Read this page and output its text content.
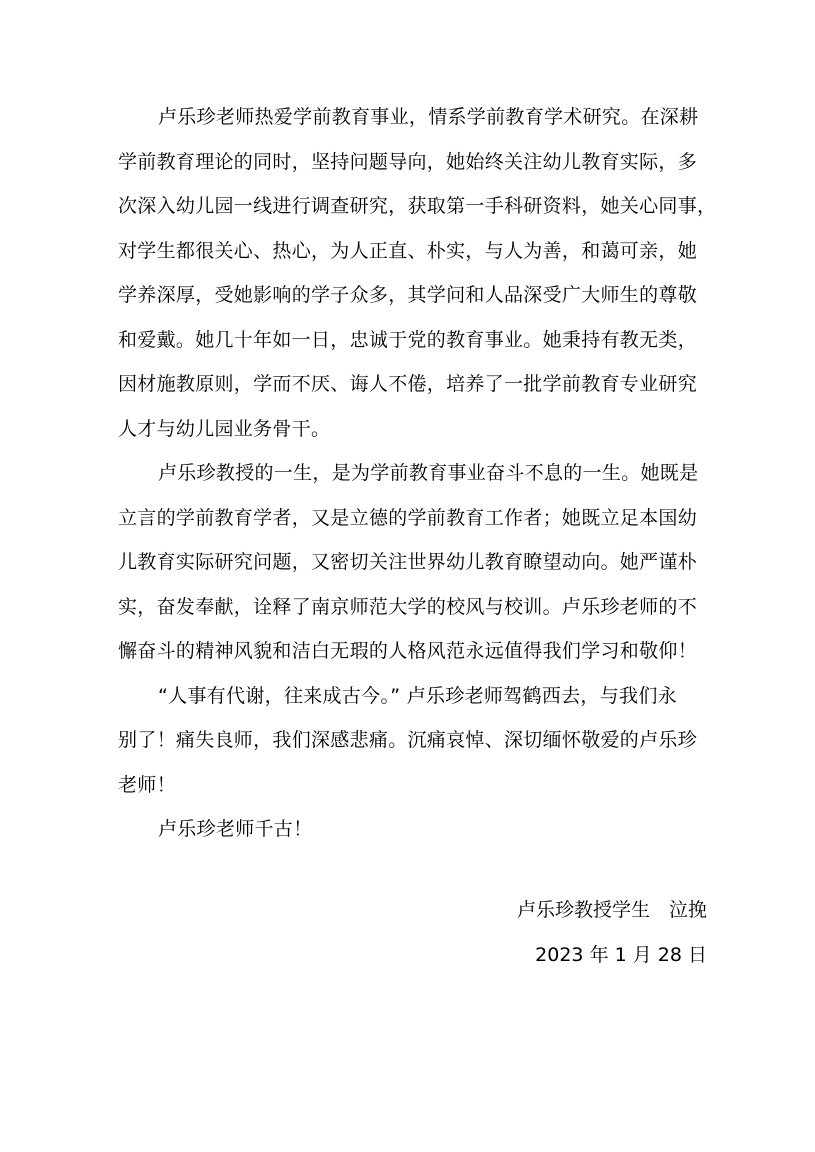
卢乐珍老师热爱学前教育事业，情系学前教育学术研究。在深耕
学前教育理论的同时，坚持问题导向，她始终关注幼儿教育实际，多
次深入幼儿园一线进行调查研究，获取第一手科研资料，她关心同事，
对学生都很关心、热心，为人正直、朴实，与人为善，和蔼可亲，她
学养深厚，受她影响的学子众多，其学问和人品深受广大师生的尊敬
和爱戴。她几十年如一日，忠诚于党的教育事业。她秉持有教无类，
因材施教原则，学而不厌、诲人不倦，培养了一批学前教育专业研究
人才与幼儿园业务骨干。

卢乐珍教授的一生，是为学前教育事业奋斗不息的一生。她既是
立言的学前教育学者，又是立德的学前教育工作者；她既立足本国幼
儿教育实际研究问题，又密切关注世界幼儿教育瞭望动向。她严谨朴
实，奋发奉献，诠释了南京师范大学的校风与校训。卢乐珍老师的不
懈奋斗的精神风貌和洁白无瑕的人格风范永远值得我们学习和敬仰！

“人事有代谢，往来成古今。” 卢乐珍老师驾鹤西去，与我们永
别了！痛失良师，我们深感悲痛。沉痛哀悼、深切缅怀敬爱的卢乐珍
老师！

卢乐珍老师千古！

卢乐珍教授学生　泣挽
2023 年 1 月 28 日
